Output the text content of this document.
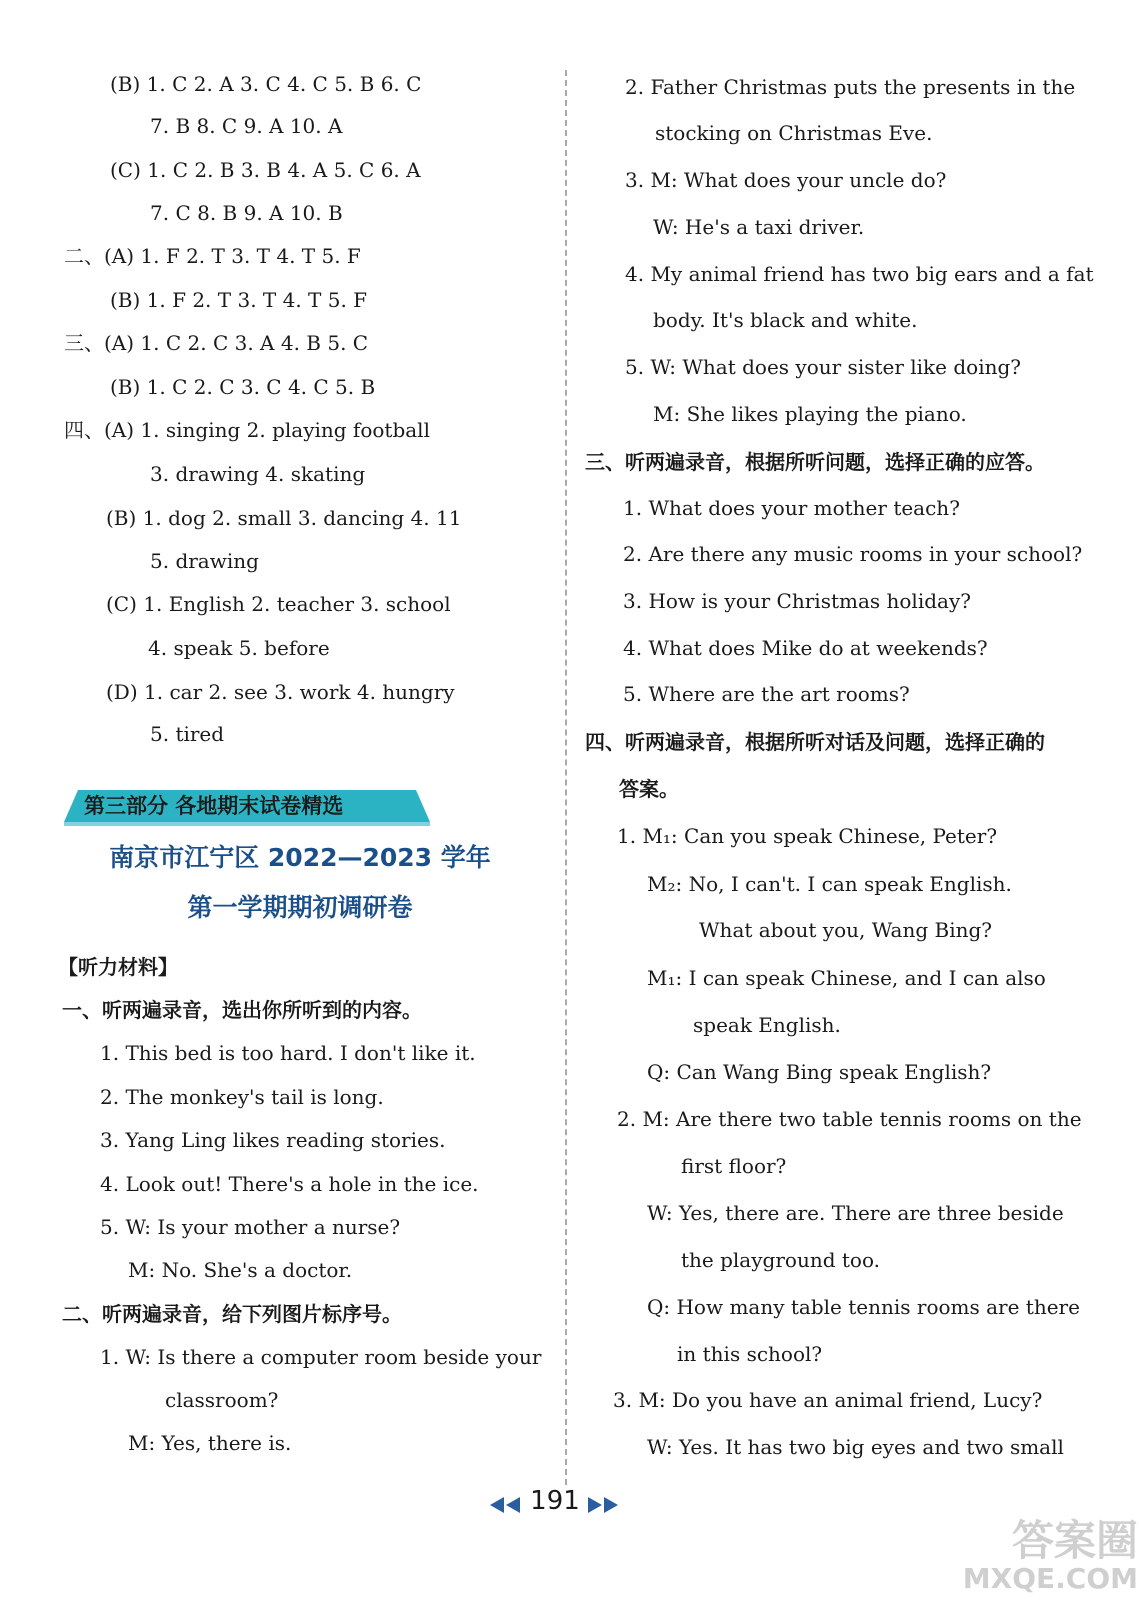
(B) 1. C 2. A 3. C 4. C 5. B 6. C
7. B 8. C 9. A 10. A
(C) 1. C 2. B 3. B 4. A 5. C 6. A
7. C 8. B 9. A 10. B
二、(A) 1. F 2. T 3. T 4. T 5. F
(B) 1. F 2. T 3. T 4. T 5. F
三、(A) 1. C 2. C 3. A 4. B 5. C
(B) 1. C 2. C 3. C 4. C 5. B
四、(A) 1. singing 2. playing football
3. drawing 4. skating
(B) 1. dog 2. small 3. dancing 4. 11
5. drawing
(C) 1. English 2. teacher 3. school
4. speak 5. before
(D) 1. car 2. see 3. work 4. hungry
5. tired
第三部分 各地期末试卷精选
南京市江宁区 2022—2023 学年
第一学期期初调研卷
【听力材料】
一、听两遍录音，选出你所听到的内容。
1. This bed is too hard. I don't like it.
2. The monkey's tail is long.
3. Yang Ling likes reading stories.
4. Look out! There's a hole in the ice.
5. W: Is your mother a nurse?
M: No. She's a doctor.
二、听两遍录音，给下列图片标序号。
1. W: Is there a computer room beside your
classroom?
M: Yes, there is.
2. Father Christmas puts the presents in the
stocking on Christmas Eve.
3. M: What does your uncle do?
W: He's a taxi driver.
4. My animal friend has two big ears and a fat
body. It's black and white.
5. W: What does your sister like doing?
M: She likes playing the piano.
三、听两遍录音，根据所听问题，选择正确的应答。
1. What does your mother teach?
2. Are there any music rooms in your school?
3. How is your Christmas holiday?
4. What does Mike do at weekends?
5. Where are the art rooms?
四、听两遍录音，根据所听对话及问题，选择正确的
答案。
1. M₁: Can you speak Chinese, Peter?
M₂: No, I can't. I can speak English.
What about you, Wang Bing?
M₁: I can speak Chinese, and I can also
speak English.
Q: Can Wang Bing speak English?
2. M: Are there two table tennis rooms on the
first floor?
W: Yes, there are. There are three beside
the playground too.
Q: How many table tennis rooms are there
in this school?
3. M: Do you have an animal friend, Lucy?
W: Yes. It has two big eyes and two small
191
答案圈
MXQE.COM
